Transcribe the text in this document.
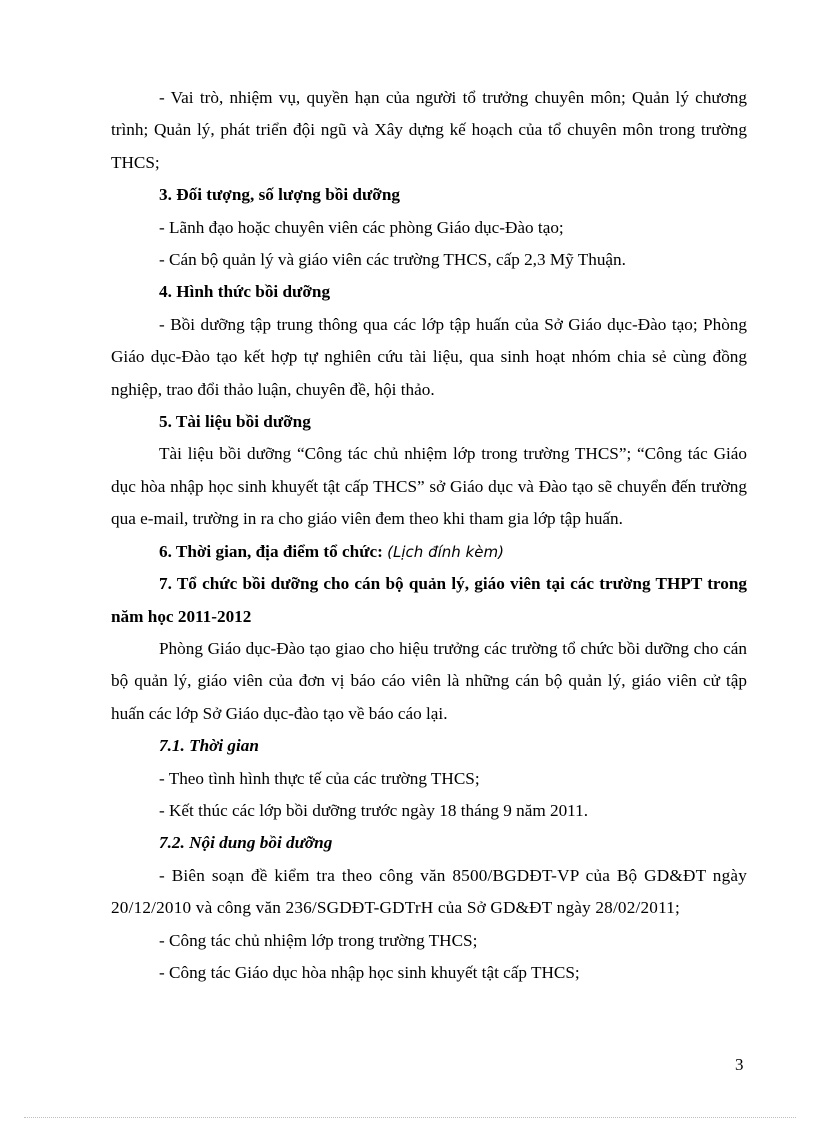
- Vai trò, nhiệm vụ, quyền hạn của người tổ trưởng chuyên môn; Quản lý chương trình; Quản lý, phát triển đội ngũ và Xây dựng kế hoạch của tổ chuyên môn trong trường THCS;

3. Đối tượng, số lượng bồi dưỡng

- Lãnh đạo hoặc chuyên viên các phòng Giáo dục-Đào tạo;

- Cán bộ quản lý và giáo viên các trường THCS, cấp 2,3 Mỹ Thuận.

4. Hình thức bồi dưỡng

- Bồi dưỡng tập trung thông qua các lớp tập huấn của Sở Giáo dục-Đào tạo; Phòng Giáo dục-Đào tạo kết hợp tự nghiên cứu tài liệu, qua sinh hoạt nhóm chia sẻ cùng đồng nghiệp, trao đổi thảo luận, chuyên đề, hội thảo.

5. Tài liệu bồi dưỡng

Tài liệu bồi dưỡng “Công tác chủ nhiệm lớp trong trường THCS”; “Công tác Giáo dục hòa nhập học sinh khuyết tật cấp THCS” sở Giáo dục và Đào tạo sẽ chuyển đến trường qua e-mail, trường in ra cho giáo viên đem theo khi tham gia lớp tập huấn.

6. Thời gian, địa điểm tổ chức: (Lịch đính kèm)

7. Tổ chức bồi dưỡng cho cán bộ quản lý, giáo viên tại các trường THPT trong năm học 2011-2012

Phòng Giáo dục-Đào tạo giao cho hiệu trưởng các trường tổ chức bồi dưỡng cho cán bộ quản lý, giáo viên của đơn vị báo cáo viên là những cán bộ quản lý, giáo viên cử tập huấn các lớp Sở Giáo dục-đào tạo về báo cáo lại.

7.1. Thời gian

- Theo tình hình thực tế của các trường THCS;

- Kết thúc các lớp bồi dưỡng trước ngày 18 tháng 9 năm 2011.

7.2. Nội dung bồi dưỡng

- Biên soạn đề kiểm tra theo công văn 8500/BGDĐT-VP của Bộ GD&ĐT ngày 20/12/2010 và công văn 236/SGDĐT-GDTrH của Sở GD&ĐT ngày 28/02/2011;

- Công tác chủ nhiệm lớp trong trường THCS;

- Công tác Giáo dục hòa nhập học sinh khuyết tật cấp THCS;

3
